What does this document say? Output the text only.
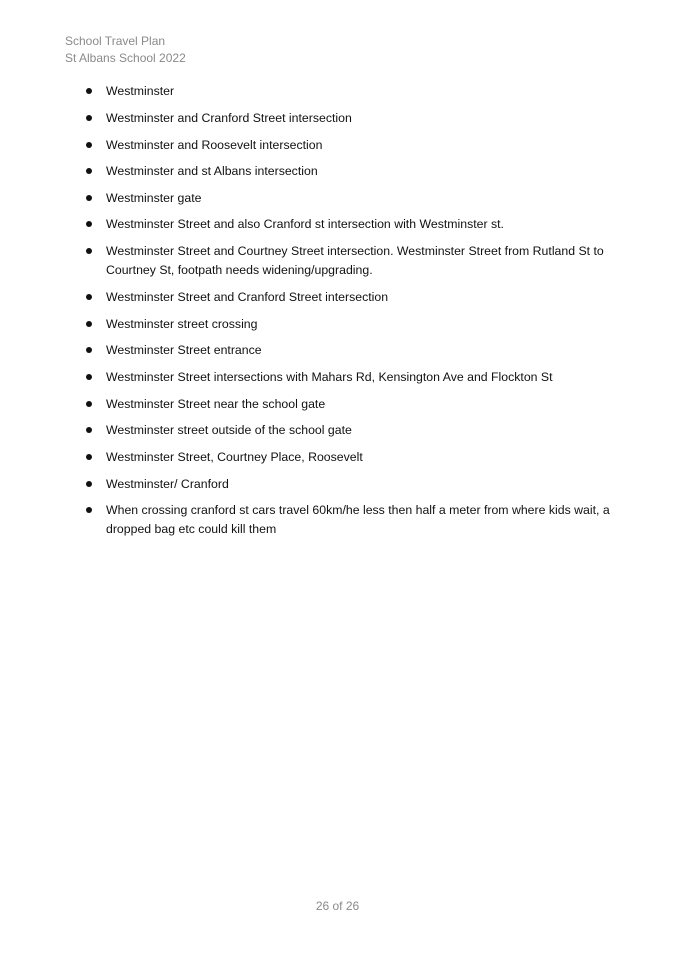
School Travel Plan
St Albans School 2022
Westminster
Westminster and Cranford Street intersection
Westminster and Roosevelt intersection
Westminster and st Albans intersection
Westminster gate
Westminster Street and also Cranford st intersection with Westminster st.
Westminster Street and Courtney Street intersection. Westminster Street from Rutland St to Courtney St, footpath needs widening/upgrading.
Westminster Street and Cranford Street intersection
Westminster street crossing
Westminster Street entrance
Westminster Street intersections with Mahars Rd, Kensington Ave and Flockton St
Westminster Street near the school gate
Westminster street outside of the school gate
Westminster Street, Courtney Place, Roosevelt
Westminster/ Cranford
When crossing cranford st cars travel 60km/he less then half a meter from where kids wait, a dropped bag etc could kill them
26 of 26
